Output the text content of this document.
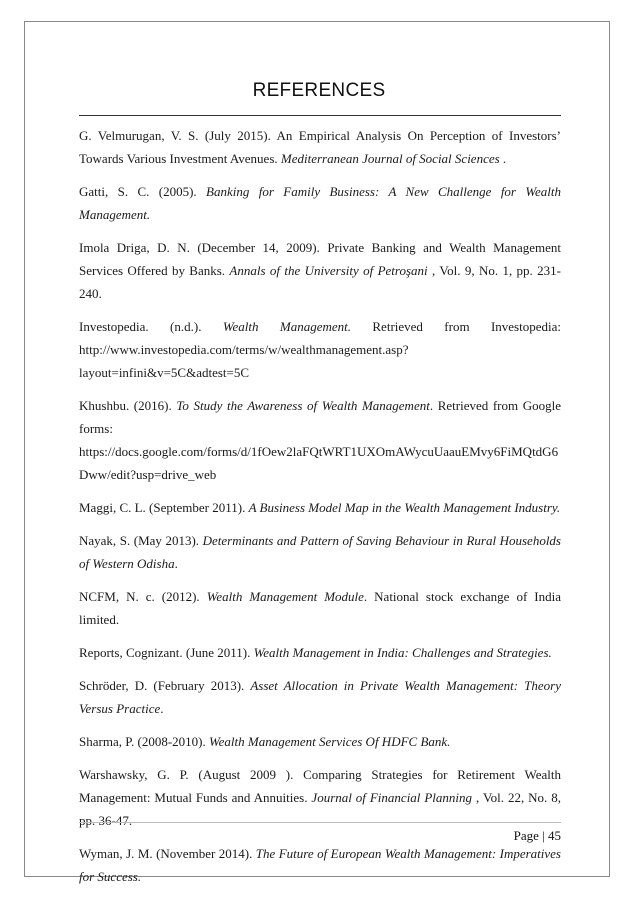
REFERENCES

G. Velmurugan, V. S. (July 2015). An Empirical Analysis On Perception of Investors’ Towards Various Investment Avenues. Mediterranean Journal of Social Sciences .

Gatti, S. C. (2005). Banking for Family Business: A New Challenge for Wealth Management.

Imola Driga, D. N. (December 14, 2009). Private Banking and Wealth Management Services Offered by Banks. Annals of the University of Petroşani , Vol. 9, No. 1, pp. 231-240.

Investopedia. (n.d.). Wealth Management. Retrieved from Investopedia: http://www.investopedia.com/terms/w/wealthmanagement.asp?layout=infini&v=5C&adtest=5C

Khushbu. (2016). To Study the Awareness of Wealth Management. Retrieved from Google forms: https://docs.google.com/forms/d/1fOew2laFQtWRT1UXOmAWycuUaauEMvy6FiMQtdG6Dww/edit?usp=drive_web

Maggi, C. L. (September 2011). A Business Model Map in the Wealth Management Industry.

Nayak, S. (May 2013). Determinants and Pattern of Saving Behaviour in Rural Households of Western Odisha.

NCFM, N. c. (2012). Wealth Management Module. National stock exchange of India limited.

Reports, Cognizant. (June 2011). Wealth Management in India: Challenges and Strategies.

Schröder, D. (February 2013). Asset Allocation in Private Wealth Management: Theory Versus Practice.

Sharma, P. (2008-2010). Wealth Management Services Of HDFC Bank.

Warshawsky, G. P. (August 2009 ). Comparing Strategies for Retirement Wealth Management: Mutual Funds and Annuities. Journal of Financial Planning , Vol. 22, No. 8, pp. 36-47.

Wyman, J. M. (November 2014). The Future of European Wealth Management: Imperatives for Success.

Page | 45
